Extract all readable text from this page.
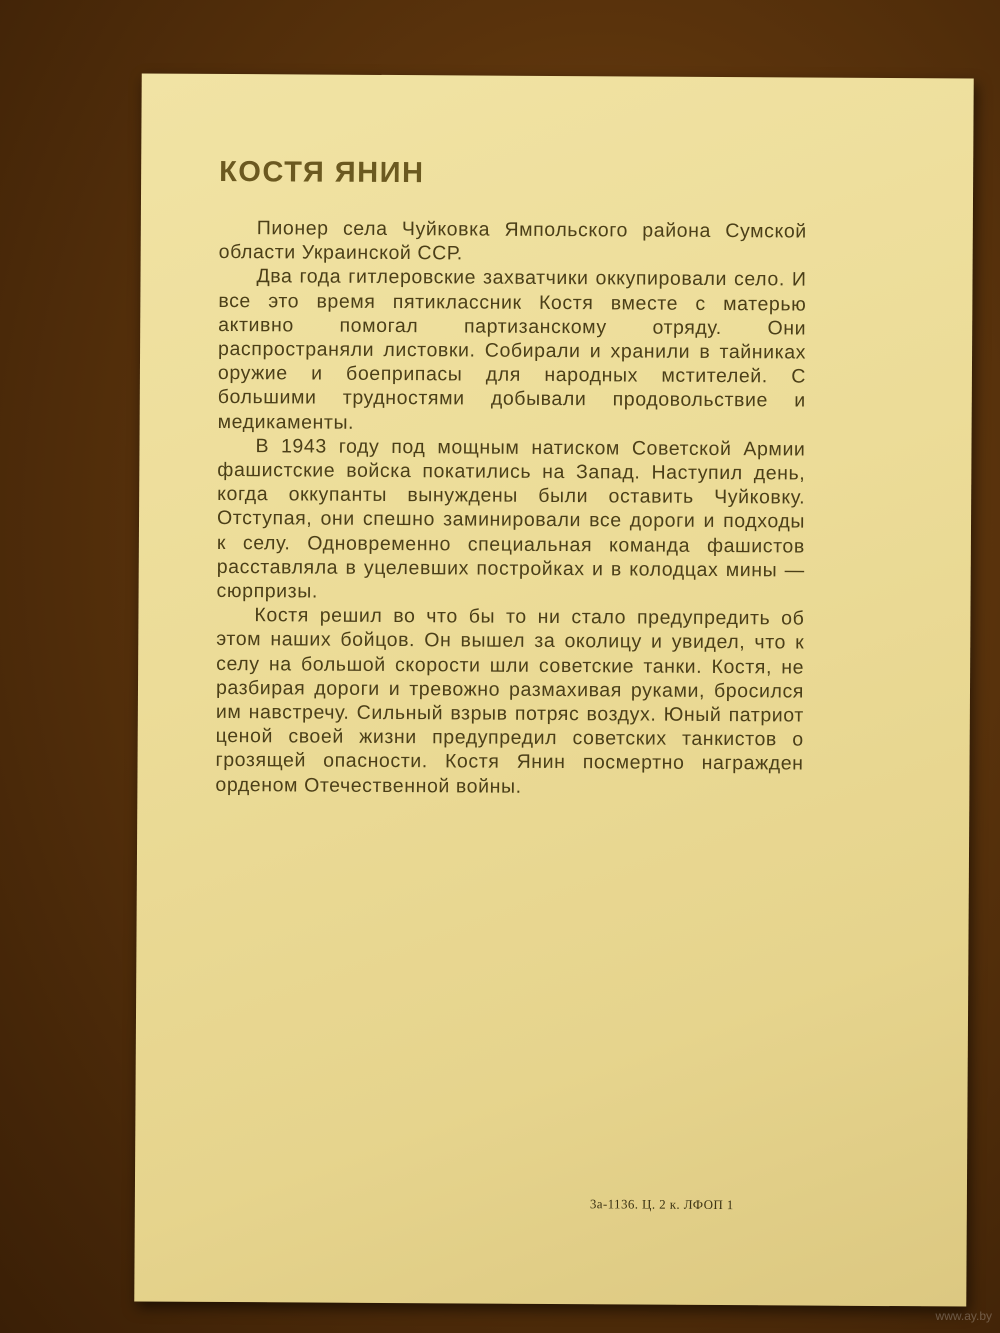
КОСТЯ ЯНИН

Пионер села Чуйковка Ямпольского района Сумской области Украинской ССР.

Два года гитлеровские захватчики оккупировали село. И все это время пятиклассник Костя вместе с матерью активно помогал партизанскому отряду. Они распространяли листовки. Собирали и хранили в тайниках оружие и боеприпасы для народных мстителей. С большими трудностями добывали продовольствие и медикаменты.

В 1943 году под мощным натиском Советской Армии фашистские войска покатились на Запад. Наступил день, когда оккупанты вынуждены были оставить Чуйковку. Отступая, они спешно заминировали все дороги и подходы к селу. Одновременно специальная команда фашистов расставляла в уцелевших постройках и в колодцах мины — сюрпризы.

Костя решил во что бы то ни стало предупредить об этом наших бойцов. Он вышел за околицу и увидел, что к селу на большой скорости шли советские танки. Костя, не разбирая дороги и тревожно размахивая руками, бросился им навстречу. Сильный взрыв потряс воздух. Юный патриот ценой своей жизни предупредил советских танкистов о грозящей опасности. Костя Янин посмертно награжден орденом Отечественной войны.

3а-1136. Ц. 2 к. ЛФОП 1
www.ay.by
